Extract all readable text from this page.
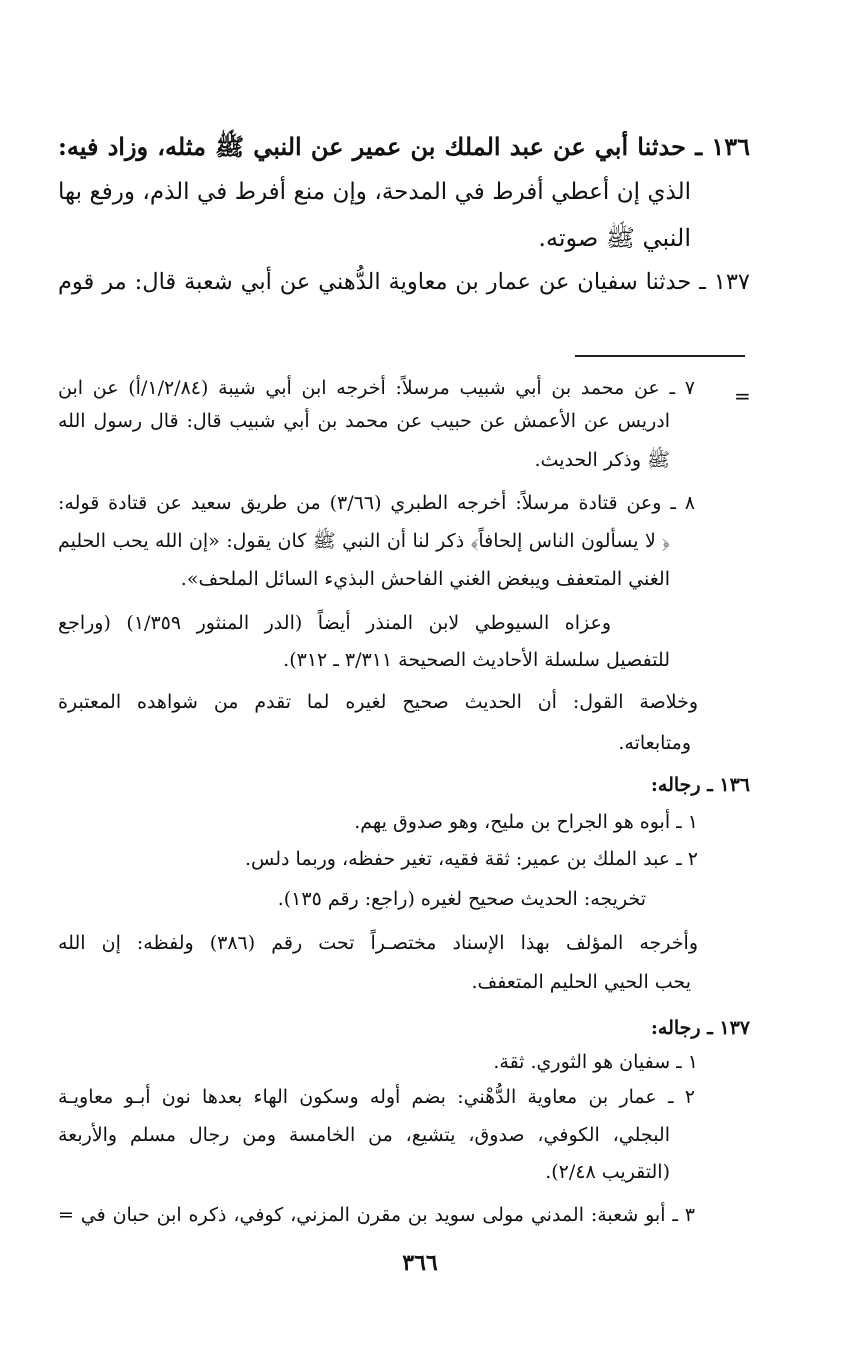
١٣٦ ـ حدثنا أبي عن عبد الملك بن عمير عن النبي ﷺ مثله، وزاد فيه:
الذي إن أعطي أفرط في المدحة، وإن منع أفرط في الذم، ورفع بها
النبي ﷺ صوته.
١٣٧ ـ حدثنا سفيان عن عمار بن معاوية الدُّهني عن أبي شعبة قال: مر قوم
=
٧ ـ عن محمد بن أبي شبيب مرسلاً: أخرجه ابن أبي شيبة (١/٢/٨٤/أ) عن ابن
ادريس عن الأعمش عن حبيب عن محمد بن أبي شبيب قال: قال رسول الله
ﷺ وذكر الحديث.
٨ ـ وعن قتادة مرسلاً: أخرجه الطبري (٣/٦٦) من طريق سعيد عن قتادة قوله:
﴿ لا يسألون الناس إلحافاً﴾ ذكر لنا أن النبي ﷺ كان يقول: «إن الله يحب الحليم
الغني المتعفف ويبغض الغني الفاحش البذيء السائل الملحف».
وعزاه السيوطي لابن المنذر أيضاً (الدر المنثور ١/٣٥٩) (وراجع
للتفصيل سلسلة الأحاديث الصحيحة ٣/٣١١ ـ ٣١٢).
وخلاصة القول: أن الحديث صحيح لغيره لما تقدم من شواهده المعتبرة
ومتابعاته.
١٣٦ ـ رجاله:
١ ـ أبوه هو الجراح بن مليح، وهو صدوق يهم.
٢ ـ عبد الملك بن عمير: ثقة فقيه، تغير حفظه، وربما دلس.
تخريجه: الحديث صحيح لغيره (راجع: رقم ١٣٥).
وأخرجه المؤلف بهذا الإسناد مختصـراً تحت رقم (٣٨٦) ولفظه: إن الله
يحب الحيي الحليم المتعفف.
١٣٧ ـ رجاله:
١ ـ سفيان هو الثوري. ثقة.
٢ ـ عمار بن معاوية الدُّهْني: بضم أوله وسكون الهاء بعدها نون أبـو معاويـة
البجلي، الكوفي، صدوق، يتشيع، من الخامسة ومن رجال مسلم والأربعة
(التقريب ٢/٤٨).
٣ ـ أبو شعبة: المدني مولى سويد بن مقرن المزني، كوفي، ذكره ابن حبان في =
٣٦٦
